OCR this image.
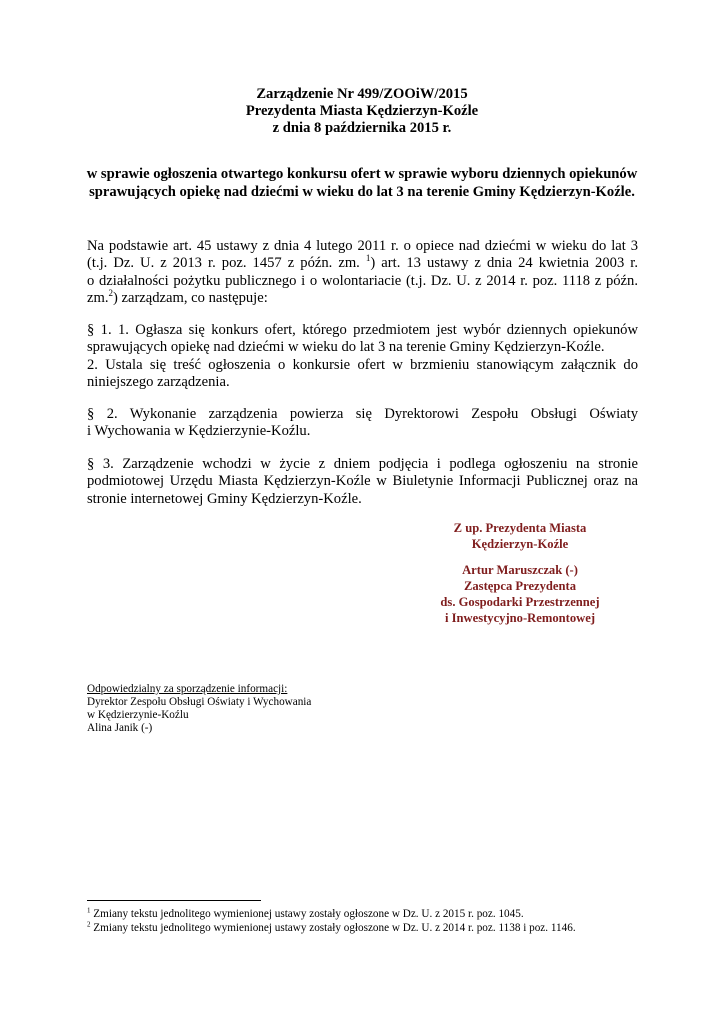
Zarządzenie Nr 499/ZOOiW/2015
Prezydenta Miasta Kędzierzyn-Koźle
z dnia 8 października 2015 r.
w sprawie ogłoszenia otwartego konkursu ofert w sprawie wyboru dziennych opiekunów
sprawujących opiekę nad dziećmi w wieku do lat 3 na terenie Gminy Kędzierzyn-Koźle.
Na podstawie art. 45 ustawy z dnia 4 lutego 2011 r. o opiece nad dziećmi w wieku do lat 3
(t.j. Dz. U. z 2013 r. poz. 1457 z późn. zm. $^1$) art. 13 ustawy z dnia 24 kwietnia 2003 r.
o działalności pożytku publicznego i o wolontariacie (t.j. Dz. U. z 2014 r. poz. 1118 z późn.
zm.$^2$) zarządzam, co następuje:
§ 1. 1. Ogłasza się konkurs ofert, którego przedmiotem jest wybór dziennych opiekunów
sprawujących opiekę nad dziećmi w wieku do lat 3 na terenie Gminy Kędzierzyn-Koźle.
2. Ustala się treść ogłoszenia o konkursie ofert w brzmieniu stanowiącym załącznik do
niniejszego zarządzenia.
§ 2. Wykonanie zarządzenia powierza się Dyrektorowi Zespołu Obsługi Oświaty
i Wychowania w Kędzierzynie-Koźlu.
§ 3. Zarządzenie wchodzi w życie z dniem podjęcia i podlega ogłoszeniu na stronie
podmiotowej Urzędu Miasta Kędzierzyn-Koźle w Biuletynie Informacji Publicznej oraz na
stronie internetowej Gminy Kędzierzyn-Koźle.
Z up. Prezydenta Miasta
Kędzierzyn-Koźle
Artur Maruszczak (-)
Zastępca Prezydenta
ds. Gospodarki Przestrzennej
i Inwestycyjno-Remontowej
Odpowiedzialny za sporządzenie informacji:
Dyrektor Zespołu Obsługi Oświaty i Wychowania
w Kędzierzynie-Koźlu
Alina Janik (-)
$^1$ Zmiany tekstu jednolitego wymienionej ustawy zostały ogłoszone w Dz. U. z 2015 r. poz. 1045.
$^2$ Zmiany tekstu jednolitego wymienionej ustawy zostały ogłoszone w Dz. U. z 2014 r. poz. 1138 i poz. 1146.
